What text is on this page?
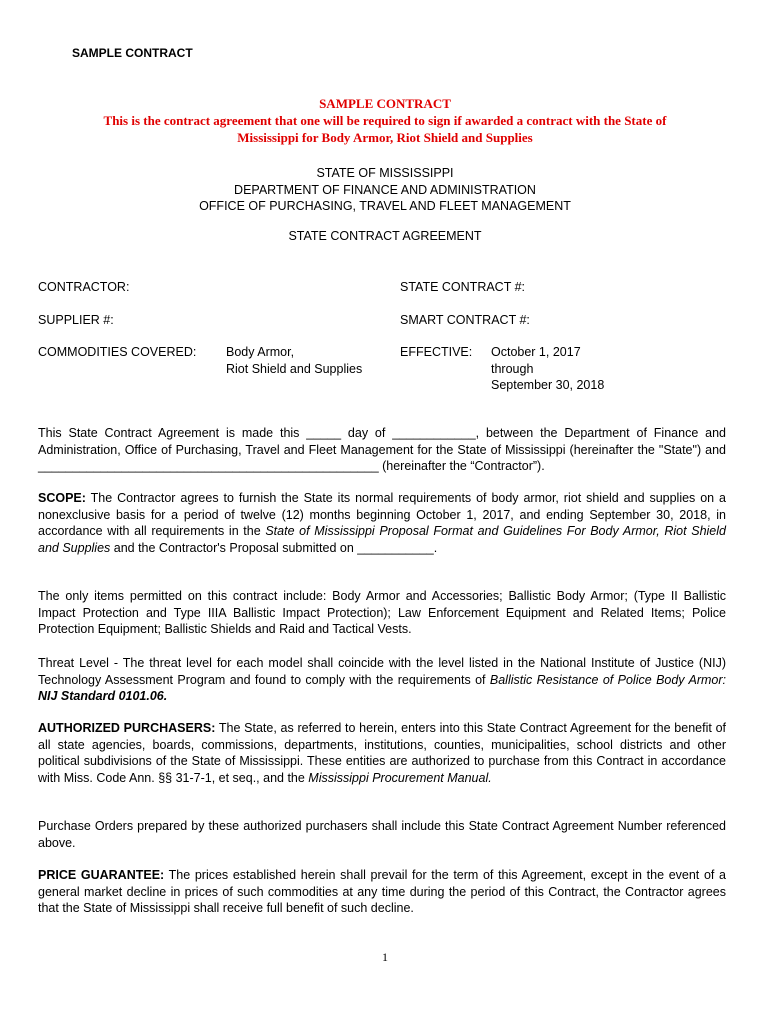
SAMPLE CONTRACT
SAMPLE CONTRACT
This is the contract agreement that one will be required to sign if awarded a contract with the State of
Mississippi for Body Armor, Riot Shield and Supplies
STATE OF MISSISSIPPI
DEPARTMENT OF FINANCE AND ADMINISTRATION
OFFICE OF PURCHASING, TRAVEL AND FLEET MANAGEMENT
STATE CONTRACT AGREEMENT
CONTRACTOR:	STATE CONTRACT #:
SUPPLIER #:	SMART CONTRACT #:
COMMODITIES COVERED: Body Armor,
Riot Shield and Supplies
EFFECTIVE: October 1, 2017
through
September 30, 2018
This State Contract Agreement is made this _____ day of ____________, between the Department of Finance and Administration, Office of Purchasing, Travel and Fleet Management for the State of Mississippi (hereinafter the "State") and _________________________________________________ (hereinafter the “Contractor”).
SCOPE: The Contractor agrees to furnish the State its normal requirements of body armor, riot shield and supplies on a nonexclusive basis for a period of twelve (12) months beginning October 1, 2017, and ending September 30, 2018, in accordance with all requirements in the State of Mississippi Proposal Format and Guidelines For Body Armor, Riot Shield and Supplies and the Contractor's Proposal submitted on ___________.
The only items permitted on this contract include: Body Armor and Accessories; Ballistic Body Armor; (Type II Ballistic Impact Protection and Type IIIA Ballistic Impact Protection); Law Enforcement Equipment and Related Items; Police Protection Equipment; Ballistic Shields and Raid and Tactical Vests.
Threat Level - The threat level for each model shall coincide with the level listed in the National Institute of Justice (NIJ) Technology Assessment Program and found to comply with the requirements of Ballistic Resistance of Police Body Armor: NIJ Standard 0101.06.
AUTHORIZED PURCHASERS: The State, as referred to herein, enters into this State Contract Agreement for the benefit of all state agencies, boards, commissions, departments, institutions, counties, municipalities, school districts and other political subdivisions of the State of Mississippi. These entities are authorized to purchase from this Contract in accordance with Miss. Code Ann. §§ 31-7-1, et seq., and the Mississippi Procurement Manual.
Purchase Orders prepared by these authorized purchasers shall include this State Contract Agreement Number referenced above.
PRICE GUARANTEE: The prices established herein shall prevail for the term of this Agreement, except in the event of a general market decline in prices of such commodities at any time during the period of this Contract, the Contractor agrees that the State of Mississippi shall receive full benefit of such decline.
1
